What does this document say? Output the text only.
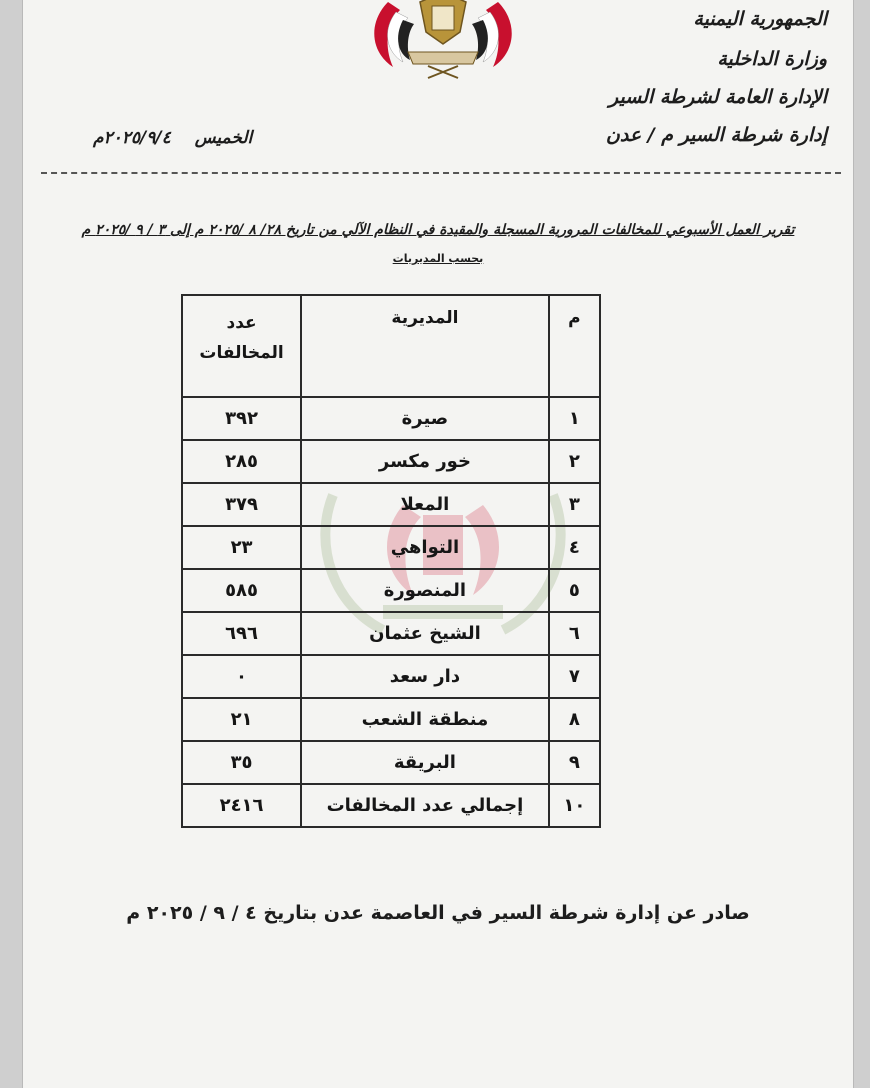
الجمهورية اليمنية
وزارة الداخلية
الإدارة العامة لشرطة السير
إدارة شرطة السير م / عدن
الخميس٢٠٢٥/٩/٤م
تقرير العمل الأسبوعي للمخالفات المرورية المسجلة والمقيدة في النظام الآلي من تاريخ ٢٨/ ٨ /٢٠٢٥ م إلى ٣ / ٩ /٢٠٢٥ م
بحسب المديريات
م	المديرية	عدد
المخالفات
١	صيرة	٣٩٢
٢	خور مكسر	٢٨٥
٣	المعلا	٣٧٩
٤	التواهي	٢٣
٥	المنصورة	٥٨٥
٦	الشيخ عثمان	٦٩٦
٧	دار سعد	٠
٨	منطقة الشعب	٢١
٩	البريقة	٣٥
١٠	إجمالي عدد المخالفات	٢٤١٦
صادر عن إدارة شرطة السير في العاصمة عدن بتاريخ ٤ / ٩ / ٢٠٢٥ م
